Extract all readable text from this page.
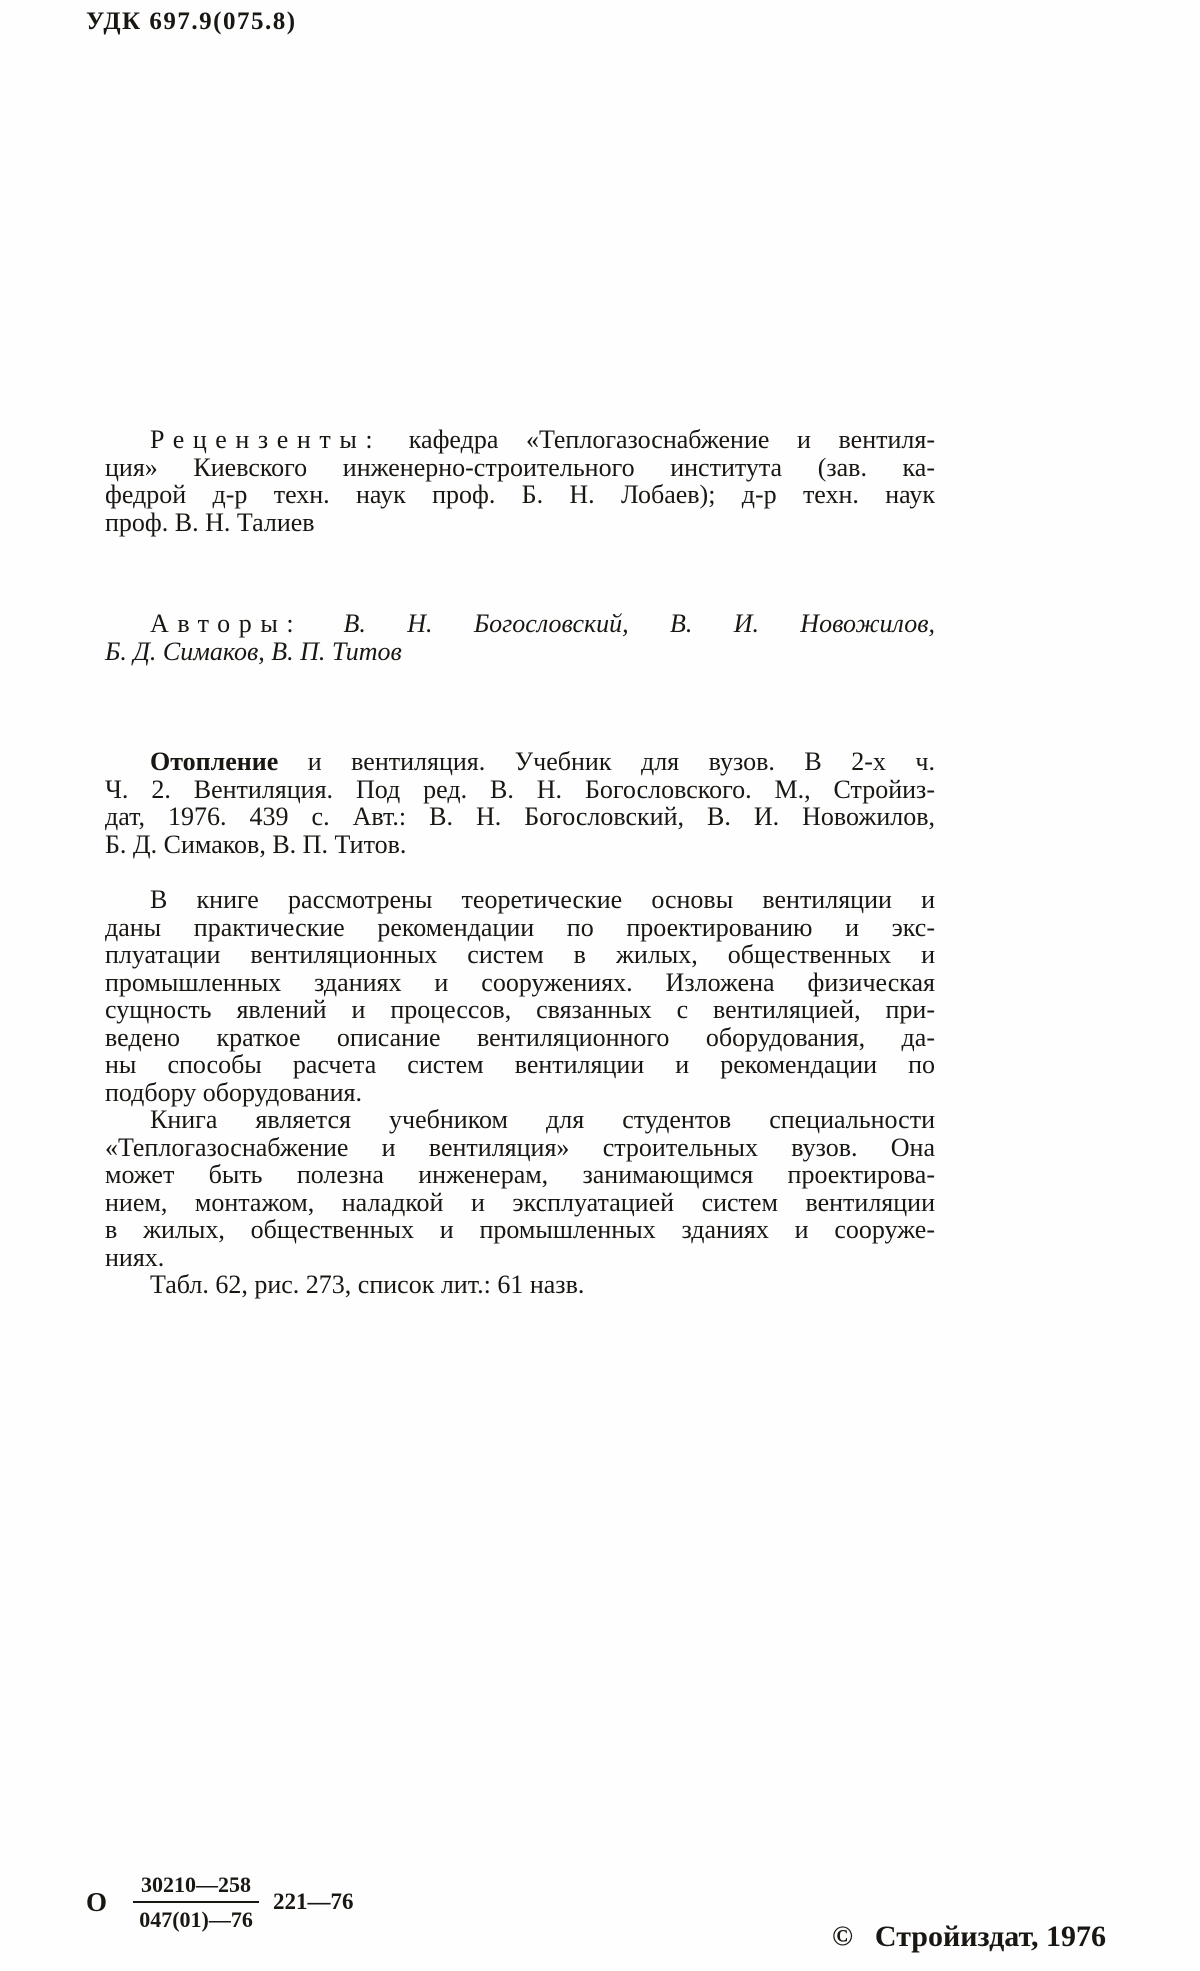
УДК 697.9(075.8)
Рецензенты: кафедра «Теплогазоснабжение и вентиля-
ция» Киевского инженерно-строительного института (зав. ка-
федрой д-р техн. наук проф. Б. Н. Лобаев); д-р техн. наук
проф. В. Н. Талиев
Авторы: В. Н. Богословский, В. И. Новожилов,
Б. Д. Симаков, В. П. Титов
Отопление и вентиляция. Учебник для вузов. В 2-х ч.
Ч. 2. Вентиляция. Под ред. В. Н. Богословского. М., Стройиз-
дат, 1976. 439 с. Авт.: В. Н. Богословский, В. И. Новожилов,
Б. Д. Симаков, В. П. Титов.
В книге рассмотрены теоретические основы вентиляции и
даны практические рекомендации по проектированию и экс-
плуатации вентиляционных систем в жилых, общественных и
промышленных зданиях и сооружениях. Изложена физическая
сущность явлений и процессов, связанных с вентиляцией, при-
ведено краткое описание вентиляционного оборудования, да-
ны способы расчета систем вентиляции и рекомендации по
подбору оборудования.
Книга является учебником для студентов специальности
«Теплогазоснабжение и вентиляция» строительных вузов. Она
может быть полезна инженерам, занимающимся проектирова-
нием, монтажом, наладкой и эксплуатацией систем вентиляции
в жилых, общественных и промышленных зданиях и сооруже-
ниях.
Табл. 62, рис. 273, список лит.: 61 назв.
О $\frac{30210—258}{047(01)—76}$ 221—76
© Стройиздат, 1976
